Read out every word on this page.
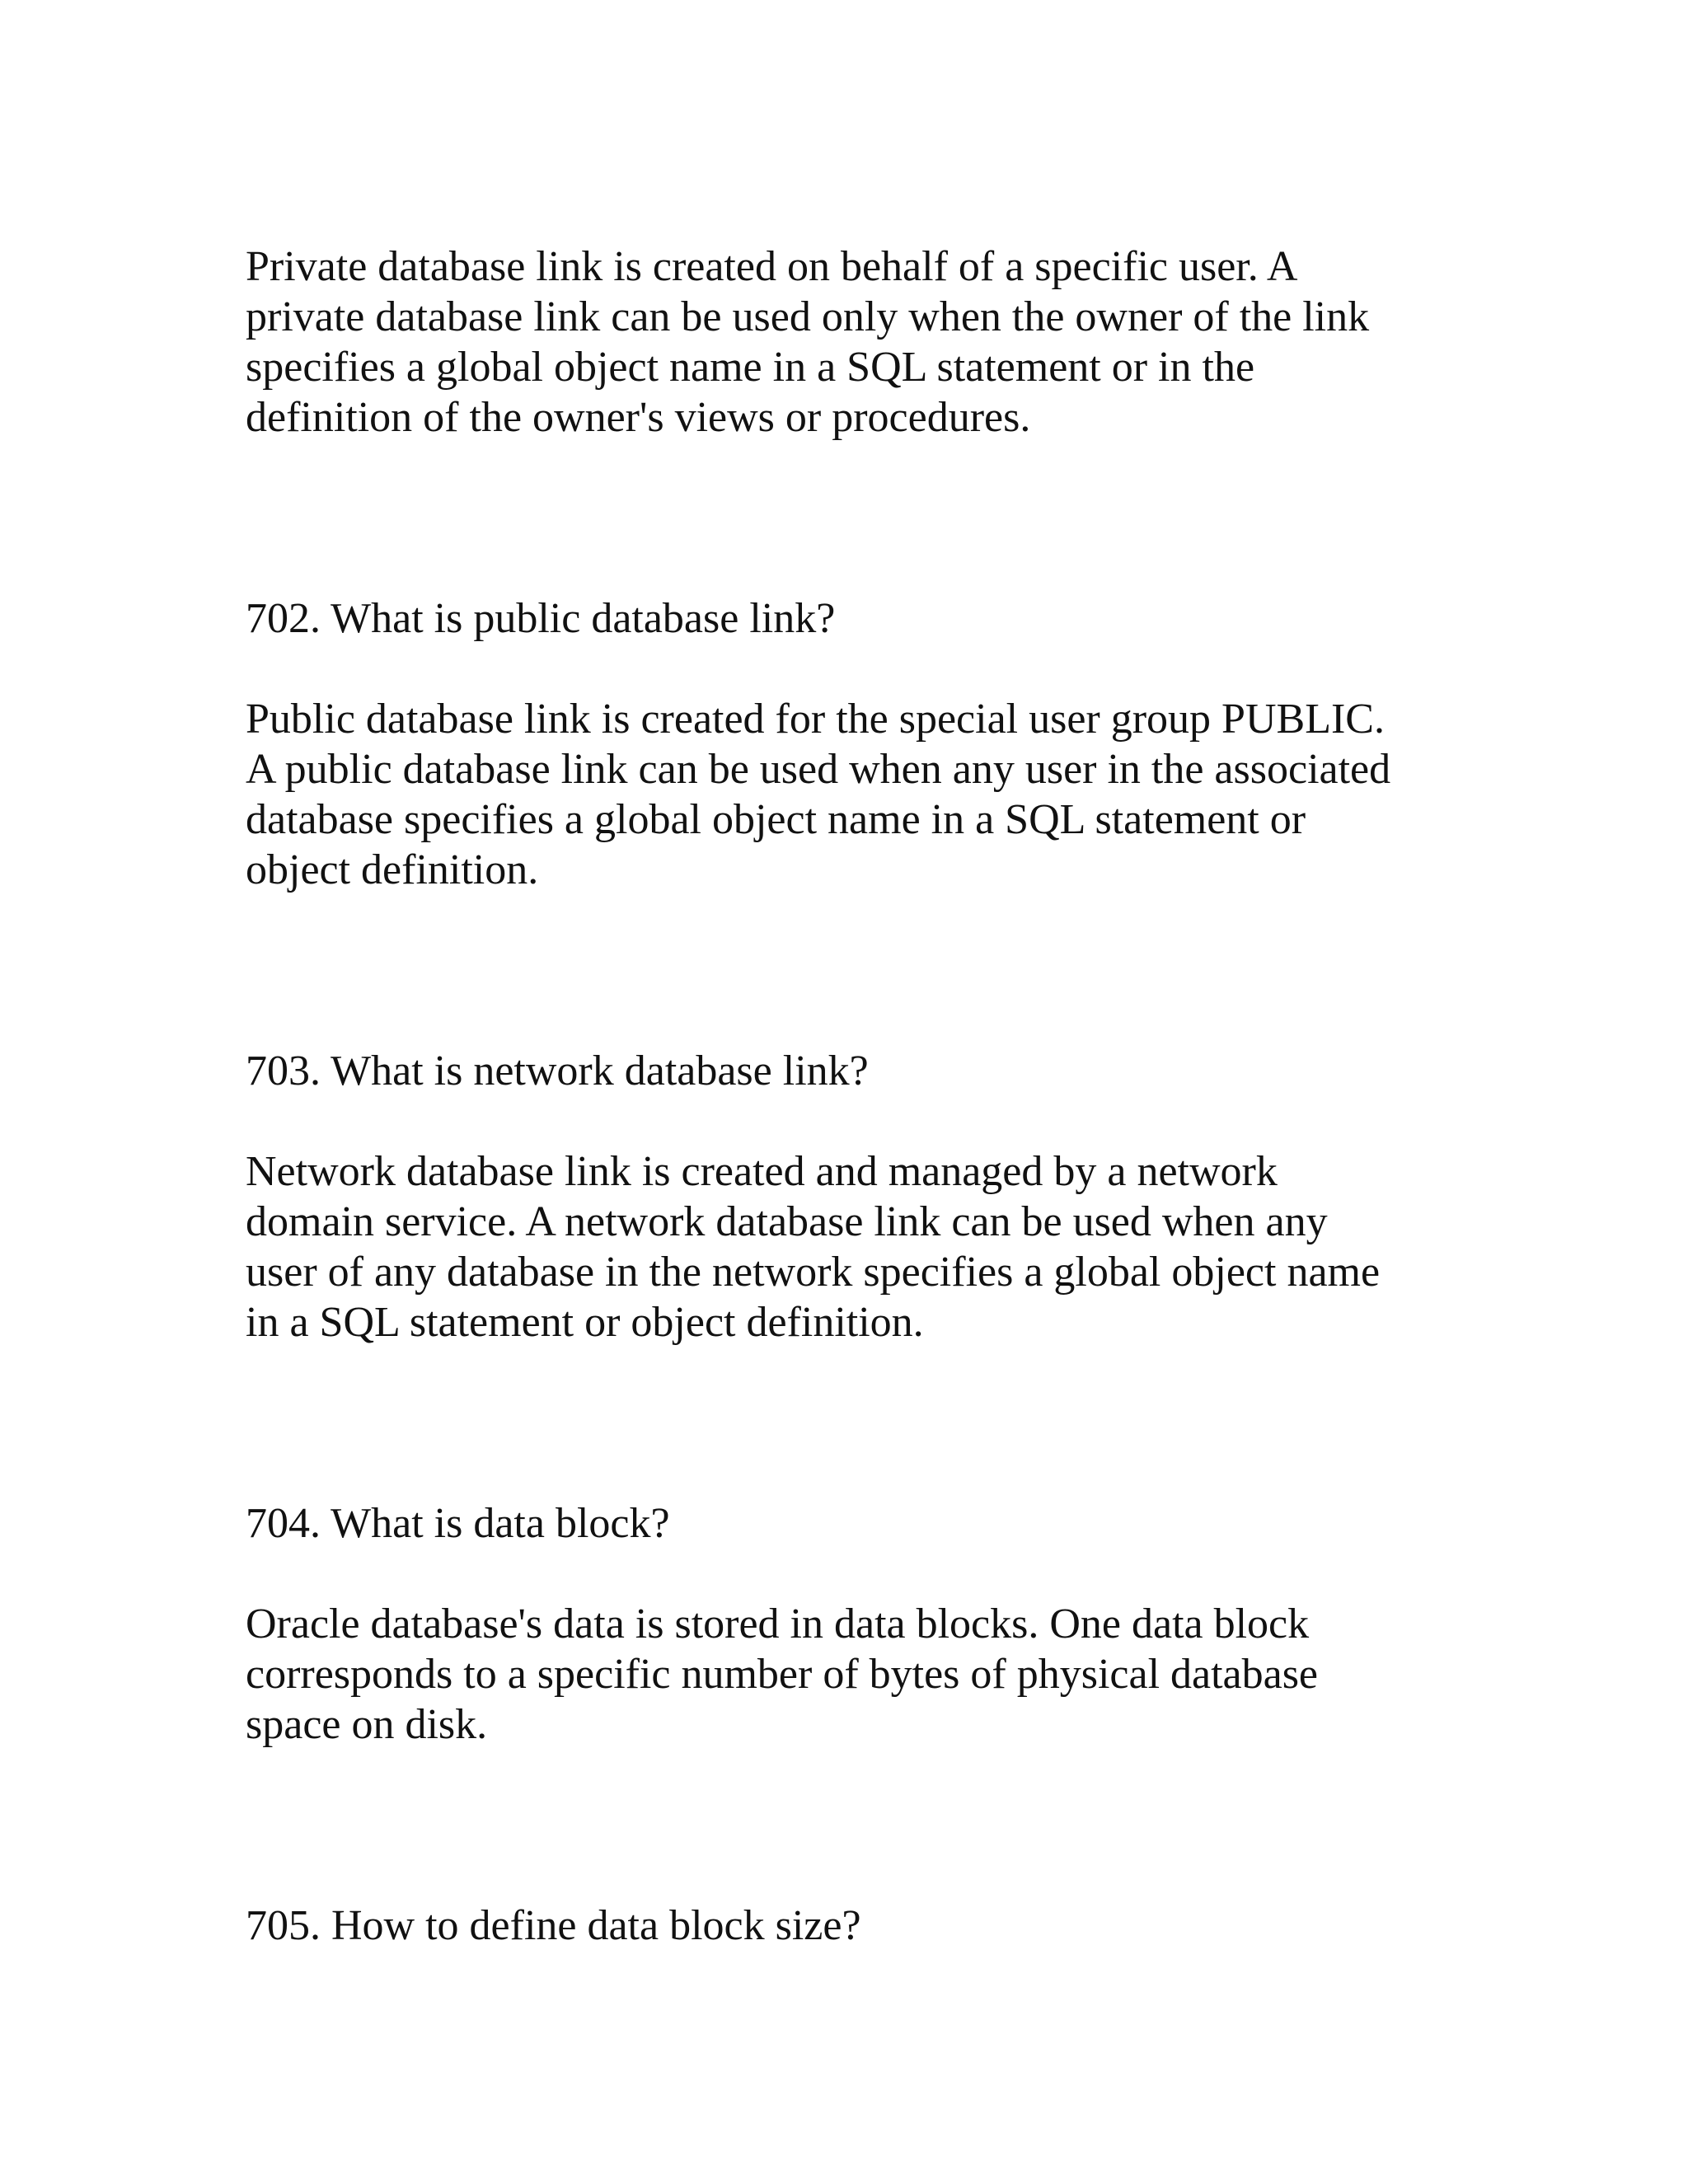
Private database link is created on behalf of a specific user. A
private database link can be used only when the owner of the link
specifies a global object name in a SQL statement or in the
definition of the owner's views or procedures.

702. What is public database link?

Public database link is created for the special user group PUBLIC.
A public database link can be used when any user in the associated
database specifies a global object name in a SQL statement or
object definition.

703. What is network database link?

Network database link is created and managed by a network
domain service. A network database link can be used when any
user of any database in the network specifies a global object name
in a SQL statement or object definition.

704. What is data block?

Oracle database's data is stored in data blocks. One data block
corresponds to a specific number of bytes of physical database
space on disk.

705. How to define data block size?
